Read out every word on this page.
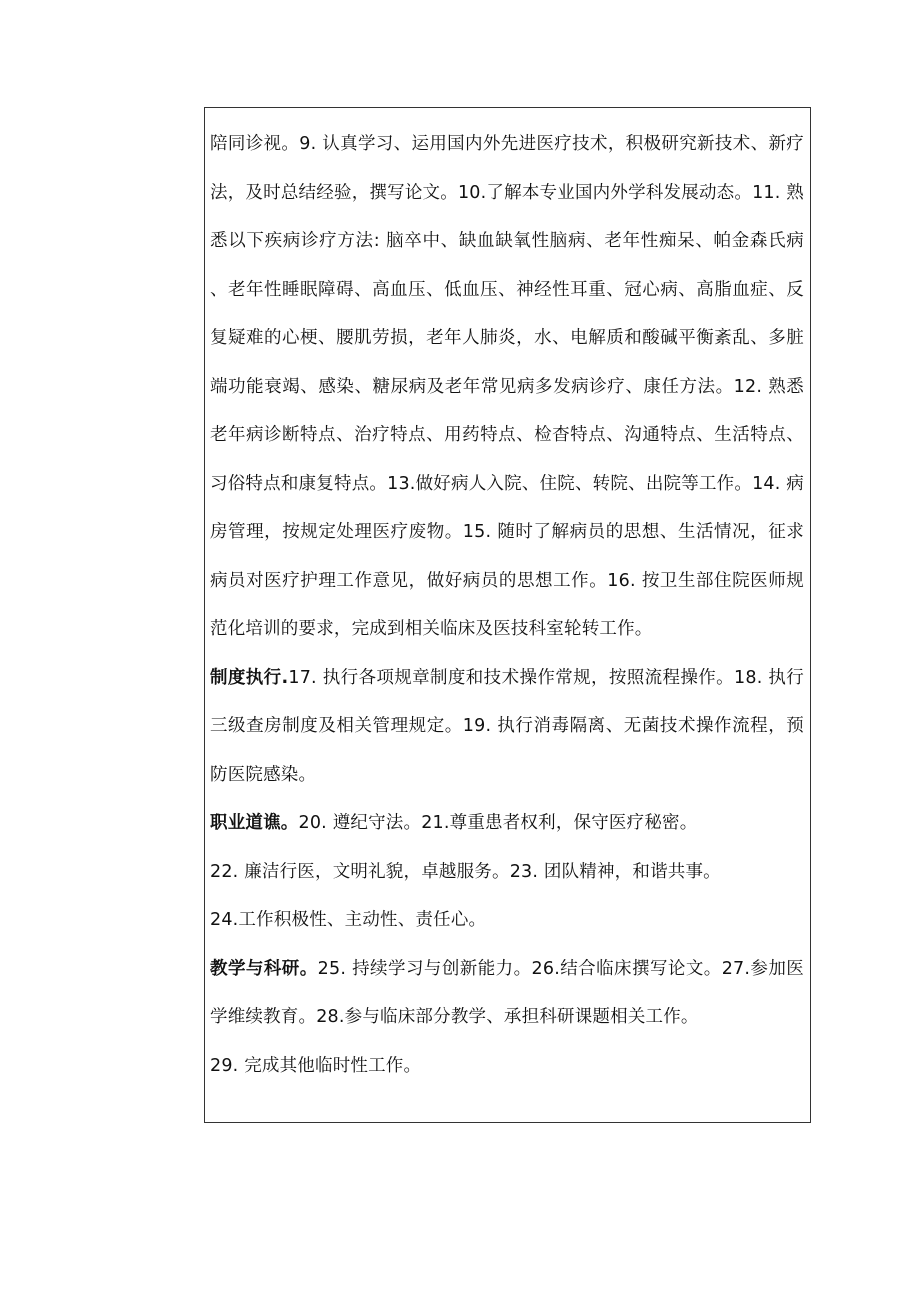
陪同诊视。9. 认真学习、运用国内外先进医疗技术，积极研究新技术、新疗法，及时总结经验，撰写论文。10.了解本专业国内外学科发展动态。11. 熟悉以下疾病诊疗方法: 脑卒中、缺血缺氧性脑病、老年性痴呆、帕金森氏病、老年性睡眠障碍、高血压、低血压、神经性耳重、冠心病、高脂血症、反复疑难的心梗、腰肌劳损，老年人肺炎，水、电解质和酸碱平衡紊乱、多脏端功能衰竭、感染、糖尿病及老年常见病多发病诊疗、康任方法。12. 熟悉老年病诊断特点、治疗特点、用药特点、检杳特点、沟通特点、生活特点、习俗特点和康复特点。13.做好病人入院、住院、转院、出院等工作。14. 病房管理，按规定处理医疗废物。15. 随时了解病员的思想、生活情况，征求病员对医疗护理工作意见，做好病员的思想工作。16. 按卫生部住院医师规范化培训的要求，完成到相关临床及医技科室轮转工作。

制度执行.17. 执行各项规章制度和技术操作常规，按照流程操作。18. 执行三级查房制度及相关管理规定。19. 执行消毒隔离、无菌技术操作流程，预防医院感染。

职业道谯。20. 遵纪守法。21.尊重患者权利，保守医疗秘密。

22. 廉洁行医，文明礼貌，卓越服务。23. 团队精神，和谐共事。

24.工作积极性、主动性、责任心。

教学与科研。25. 持续学习与创新能力。26.结合临床撰写论文。27.参加医学维续教育。28.参与临床部分教学、承担科研课题相关工作。

29. 完成其他临时性工作。
